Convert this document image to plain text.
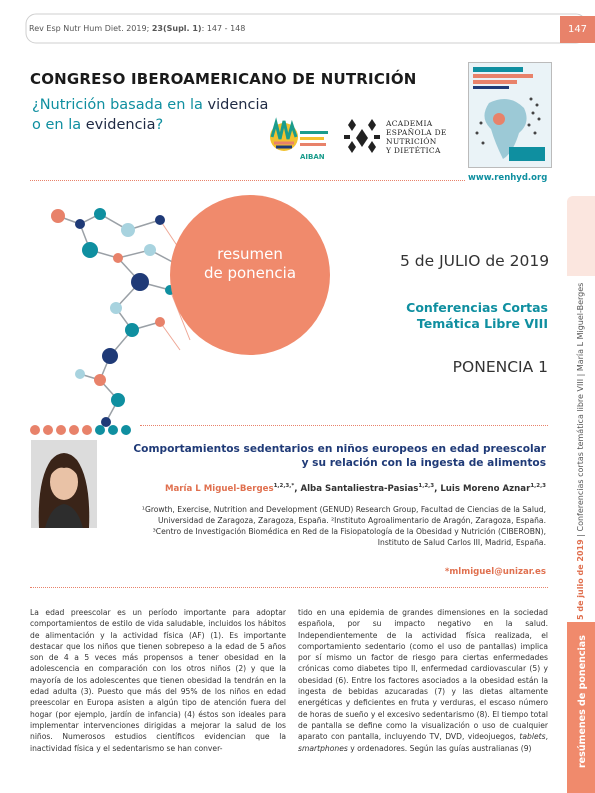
Rev Esp Nutr Hum Diet. 2019; 23(Supl. 1): 147 - 148	147
CONGRESO IBEROAMERICANO DE NUTRICIÓN
¿Nutrición basada en la videncia
o en la evidencia?
AIBAN
ACADEMIA
ESPAÑOLA DE
NUTRICIÓN
Y DIETÉTICA
www.renhyd.org
resumen
de ponencia
5 de JULIO de 2019
Conferencias Cortas
Temática Libre VIII
PONENCIA 1
Comportamientos sedentarios en niños europeos en edad preescolar
y su relación con la ingesta de alimentos
María L Miguel-Berges$^{1,2,3,*}$, Alba Santaliestra-Pasias$^{1,2,3}$, Luis Moreno Aznar$^{1,2,3}$
¹Growth, Exercise, Nutrition and Development (GENUD) Research Group, Facultad de Ciencias de la Salud,
Universidad de Zaragoza, Zaragoza, España. ²Instituto Agroalimentario de Aragón, Zaragoza, España.
³Centro de Investigación Biomédica en Red de la Fisiopatología de la Obesidad y Nutrición (CIBEROBN),
Instituto de Salud Carlos III, Madrid, España.
*mlmiguel@unizar.es
La edad preescolar es un período importante para adoptar comportamientos de estilo de vida saludable, incluidos los hábitos de alimentación y la actividad física (AF) (1). Es importante destacar que los niños que tienen sobrepeso a la edad de 5 años son de 4 a 5 veces más propensos a tener obesidad en la adolescencia en comparación con los otros niños (2) y que la mayoría de los adolescentes que tienen obesidad la tendrán en la edad adulta (3). Puesto que más del 95% de los niños en edad preescolar en Europa asisten a algún tipo de atención fuera del hogar (por ejemplo, jardín de infancia) (4) éstos son ideales para implementar intervenciones dirigidas a mejorar la salud de los niños. Numerosos estudios científicos evidencian que la inactividad física y el sedentarismo se han conver-
tido en una epidemia de grandes dimensiones en la sociedad española, por su impacto negativo en la salud. Independientemente de la actividad física realizada, el comportamiento sedentario (como el uso de pantallas) implica por sí mismo un factor de riesgo para ciertas enfermedades crónicas como diabetes tipo II, enfermedad cardiovascular (5) y obesidad (6). Entre los factores asociados a la obesidad están la ingesta de bebidas azucaradas (7) y las dietas altamente energéticas y deficientes en fruta y verduras, el escaso número de horas de sueño y el excesivo sedentarismo (8). El tiempo total de pantalla se define como la visualización o uso de cualquier aparato con pantalla, incluyendo TV, DVD, videojuegos, tablets, smartphones y ordenadores. Según las guías australianas (9)
5 de julio de 2019 | Conferencias cortas temática libre VIII | María L Miguel-Berges
resúmenes de ponencias
